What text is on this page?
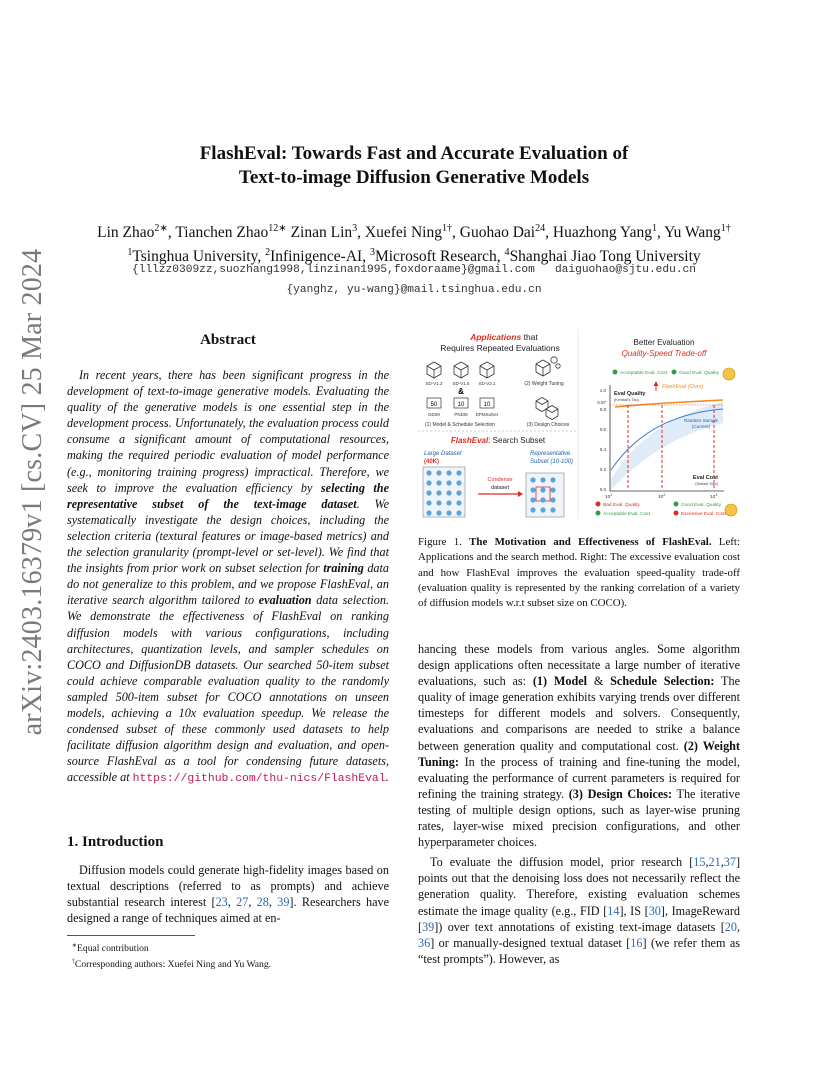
arXiv:2403.16379v1 [cs.CV] 25 Mar 2024
FlashEval: Towards Fast and Accurate Evaluation of
Text-to-image Diffusion Generative Models
Lin Zhao$^{2∗}$, Tianchen Zhao$^{12∗}$ Zinan Lin$^3$, Xuefei Ning$^{1\dagger}$, Guohao Dai$^{24}$, Huazhong Yang$^1$, Yu Wang$^{1\dagger}$
$^1$Tsinghua University, $^2$Infinigence-AI, $^3$Microsoft Research, $^4$Shanghai Jiao Tong University
{lllzz0309zz,suozhang1998,linzinan1995,foxdoraame}@gmail.com   daiguohao@sjtu.edu.cn
{yanghz, yu-wang}@mail.tsinghua.edu.cn
Abstract
In recent years, there has been significant progress in the development of text-to-image generative models. Evaluating the quality of the generative models is one essential step in the development process. Unfortunately, the evaluation process could consume a significant amount of computational resources, making the required periodic evaluation of model performance (e.g., monitoring training progress) impractical. Therefore, we seek to improve the evaluation efficiency by selecting the representative subset of the text-image dataset. We systematically investigate the design choices, including the selection criteria (textural features or image-based metrics) and the selection granularity (prompt-level or set-level). We find that the insights from prior work on subset selection for training data do not generalize to this problem, and we propose FlashEval, an iterative search algorithm tailored to evaluation data selection. We demonstrate the effectiveness of FlashEval on ranking diffusion models with various configurations, including architectures, quantization levels, and sampler schedules on COCO and DiffusionDB datasets. Our searched 50-item subset could achieve comparable evaluation quality to the randomly sampled 500-item subset for COCO annotations on unseen models, achieving a 10x evaluation speedup. We release the condensed subset of these commonly used datasets to help facilitate diffusion algorithm design and evaluation, and open-source FlashEval as a tool for condensing future datasets, accessible at https://github.com/thu-nics/FlashEval.
1. Introduction
Diffusion models could generate high-fidelity images based on textual descriptions (referred to as prompts) and achieve substantial research interest [23, 27, 28, 39]. Researchers have designed a range of techniques aimed at en-
∗Equal contribution
†Corresponding authors: Xuefei Ning and Yu Wang.
Applications that
Requires Repeated Evaluations
SD-V1.2 SD-V1.5 SD-V2.1
&
50	10	10
DDIM	PNDM DPMSolver
(1) Model & Schedule Selection
(2) Weight Tuning
(3) Design Choices
FlashEval: Search Subset
Large Dataset
(40K)
Condense
dataset
Representative
Subset (10-100)
Better Evaluation
Quality-Speed Trade-off
Acceptable Eval. Cost	Good Eval. Quality
FlashEval (Ours)
Eval Quality
(Kendall's Tau)
Random Sample
(Current)
Eval Cost
(Subset Size)
1.0
0.97
0.8
0.6
0.4
0.2
0.0
$10^1$	$10^2$	$10^3$
Bad Eval. Quality	Good Eval. Quality
Acceptable Eval. Cost	Excessive Eval. Cost
Figure 1. The Motivation and Effectiveness of FlashEval. Left: Applications and the search method. Right: The excessive evaluation cost and how FlashEval improves the evaluation speed-quality trade-off (evaluation quality is represented by the ranking correlation of a variety of diffusion models w.r.t subset size on COCO).

hancing these models from various angles. Some algorithm design applications often necessitate a large number of iterative evaluations, such as: (1) Model & Schedule Selection: The quality of image generation exhibits varying trends over different timesteps for different models and solvers. Consequently, evaluations and comparisons are needed to strike a balance between generation quality and computational cost. (2) Weight Tuning: In the process of training and fine-tuning the model, evaluating the performance of current parameters is required for refining the training strategy. (3) Design Choices: The iterative testing of multiple design options, such as layer-wise pruning rates, layer-wise mixed precision configurations, and other hyperparameter choices.

To evaluate the diffusion model, prior research [15,21,37] points out that the denoising loss does not necessarily reflect the generation quality. Therefore, existing evaluation schemes estimate the image quality (e.g., FID [14], IS [30], ImageReward [39]) over text annotations of existing text-image datasets [20, 36] or manually-designed textual dataset [16] (we refer them as “test prompts”). However, as
